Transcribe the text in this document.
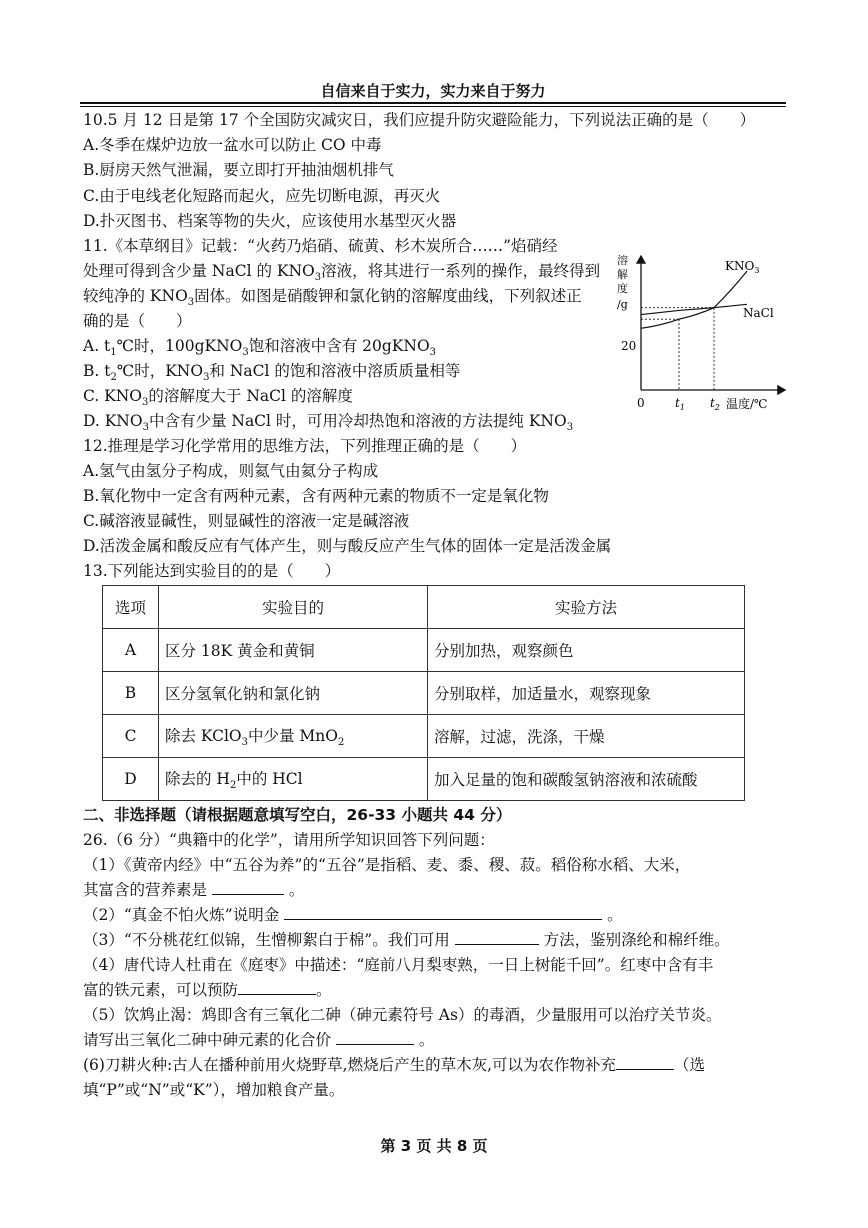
自信来自于实力，实力来自于努力
10.5 月 12 日是第 17 个全国防灾减灾日，我们应提升防灾避险能力，下列说法正确的是（　　）
A.冬季在煤炉边放一盆水可以防止 CO 中毒
B.厨房天然气泄漏，要立即打开抽油烟机排气
C.由于电线老化短路而起火，应先切断电源，再灭火
D.扑灭图书、档案等物的失火，应该使用水基型灭火器
11.《本草纲目》记载：“火药乃焰硝、硫黄、杉木炭所合……”焰硝经
处理可得到含少量 NaCl 的 $KNO_3$溶液，将其进行一系列的操作，最终得到
较纯净的 $KNO_3$固体。如图是硝酸钾和氯化钠的溶解度曲线，下列叙述正
确的是（　　）
A. $t_1℃$时，100gKNO$_3$饱和溶液中含有 20gKNO$_3$
B. $t_2℃$时，$KNO_3$和 NaCl 的饱和溶液中溶质质量相等
C. $KNO_3$的溶解度大于 NaCl 的溶解度
D. $KNO_3$中含有少量 NaCl 时，可用冷却热饱和溶液的方法提纯 $KNO_3$
溶
解
度
/g
20
0	$t_1$ $t_2$ 温度/℃
$KNO_3$
NaCl
12.推理是学习化学常用的思维方法，下列推理正确的是（　　）
A.氢气由氢分子构成，则氦气由氦分子构成
B.氧化物中一定含有两种元素，含有两种元素的物质不一定是氧化物
C.碱溶液显碱性，则显碱性的溶液一定是碱溶液
D.活泼金属和酸反应有气体产生，则与酸反应产生气体的固体一定是活泼金属
13.下列能达到实验目的的是（　　）
选项	实验目的	实验方法
A	区分 18K 黄金和黄铜	分别加热，观察颜色
B	区分氢氧化钠和氯化钠	分别取样，加适量水，观察现象
C	除去 KClO$_3$中少量 MnO$_2$	溶解，过滤，洗涤，干燥
D	除去的 $H_2$中的 HCl	加入足量的饱和碳酸氢钠溶液和浓硫酸
二、非选择题（请根据题意填写空白，26-33 小题共 44 分）
26.（6 分）“典籍中的化学”，请用所学知识回答下列问题：
（1）《黄帝内经》中“五谷为养”的“五谷”是指稻、麦、黍、稷、菽。稻俗称水稻、大米，
其富含的营养素是	。
（2）“真金不怕火炼”说明金	。
（3）“不分桃花红似锦，生憎柳絮白于棉”。我们可用	方法，鉴别涤纶和棉纤维。
（4）唐代诗人杜甫在《庭枣》中描述：“庭前八月梨枣熟，一日上树能千回”。红枣中含有丰
富的铁元素，可以预防	。
（5）饮鸩止渴：鸩即含有三氧化二砷（砷元素符号 As）的毒酒，少量服用可以治疗关节炎。
请写出三氧化二砷中砷元素的化合价	。
(6)刀耕火种:古人在播种前用火烧野草,燃烧后产生的草木灰,可以为农作物补充	（选
填“P”或“N”或“K”），增加粮食产量。
第 3 页 共 8 页
